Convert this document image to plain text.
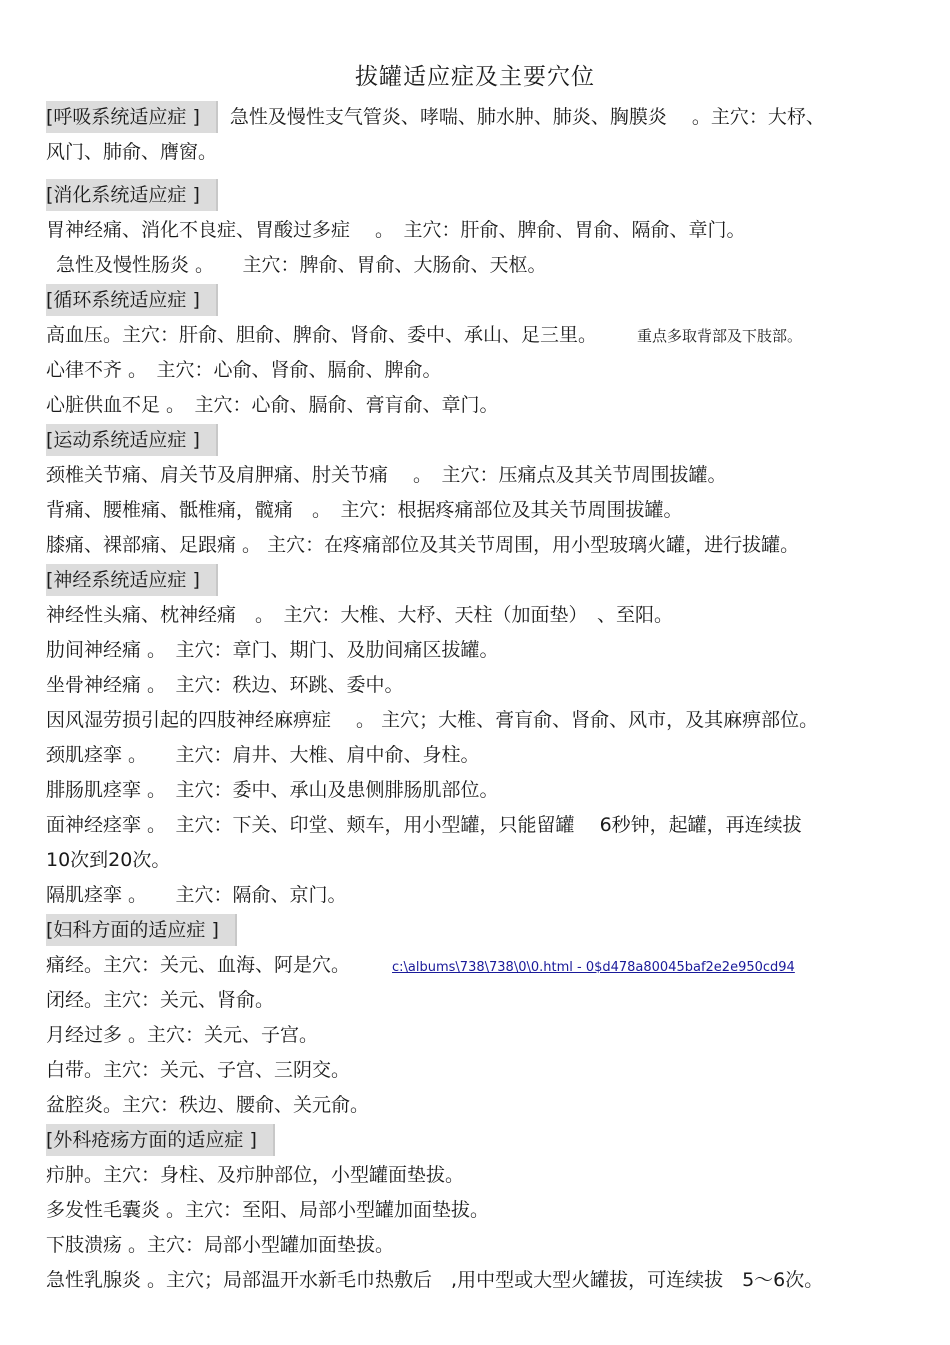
拔罐适应症及主要穴位
[呼吸系统适应症 ] 急性及慢性支气管炎、哮喘、肺水肿、肺炎、胸膜炎　 。主穴：大杼、
风门、肺俞、膺窗。
[消化系统适应症 ]
胃神经痛、消化不良症、胃酸过多症　 。　主穴：肝俞、脾俞、胃俞、隔俞、章门。
急性及慢性肠炎 。　　主穴：脾俞、胃俞、大肠俞、天枢。
[循环系统适应症 ]
高血压。主穴：肝俞、胆俞、脾俞、肾俞、委中、承山、足三里。	重点多取背部及下肢部。
心律不齐 。　主穴：心俞、肾俞、膈俞、脾俞。
心脏供血不足 。　主穴：心俞、膈俞、膏肓俞、章门。
[运动系统适应症 ]
颈椎关节痛、肩关节及肩胛痛、肘关节痛　 。　主穴：压痛点及其关节周围拔罐。
背痛、腰椎痛、骶椎痛，髋痛　。　主穴：根据疼痛部位及其关节周围拔罐。
膝痛、裸部痛、足跟痛 。 主穴：在疼痛部位及其关节周围，用小型玻璃火罐，进行拔罐。
[神经系统适应症 ]
神经性头痛、枕神经痛　。　主穴：大椎、大杼、天柱（加面垫）　、至阳。
肋间神经痛 。　主穴：章门、期门、及肋间痛区拔罐。
坐骨神经痛 。　主穴：秩边、环跳、委中。
因风湿劳损引起的四肢神经麻痹症　 。 主穴；大椎、膏肓俞、肾俞、风市，及其麻痹部位。
颈肌痉挛 。　　主穴：肩井、大椎、肩中俞、身柱。
腓肠肌痉挛 。　主穴：委中、承山及患侧腓肠肌部位。
面神经痉挛 。　主穴：下关、印堂、颊车，用小型罐，只能留罐　 6秒钟，起罐，再连续拔
10次到20次。
隔肌痉挛 。　　主穴：隔俞、京门。
[妇科方面的适应症 ]
痛经。主穴：关元、血海、阿是穴。	c:\albums\738\738\0\0.html - 0$d478a80045baf2e2e950cd94
闭经。主穴：关元、肾俞。
月经过多 。主穴：关元、子宫。
白带。主穴：关元、子宫、三阴交。
盆腔炎。主穴：秩边、腰俞、关元俞。
[外科疮疡方面的适应症 ]
疖肿。主穴：身柱、及疖肿部位，小型罐面垫拔。
多发性毛囊炎 。主穴：至阳、局部小型罐加面垫拔。
下肢溃疡 。主穴：局部小型罐加面垫拔。
急性乳腺炎 。主穴；局部温开水新毛巾热敷后　,用中型或大型火罐拔，可连续拔　5～6次。
